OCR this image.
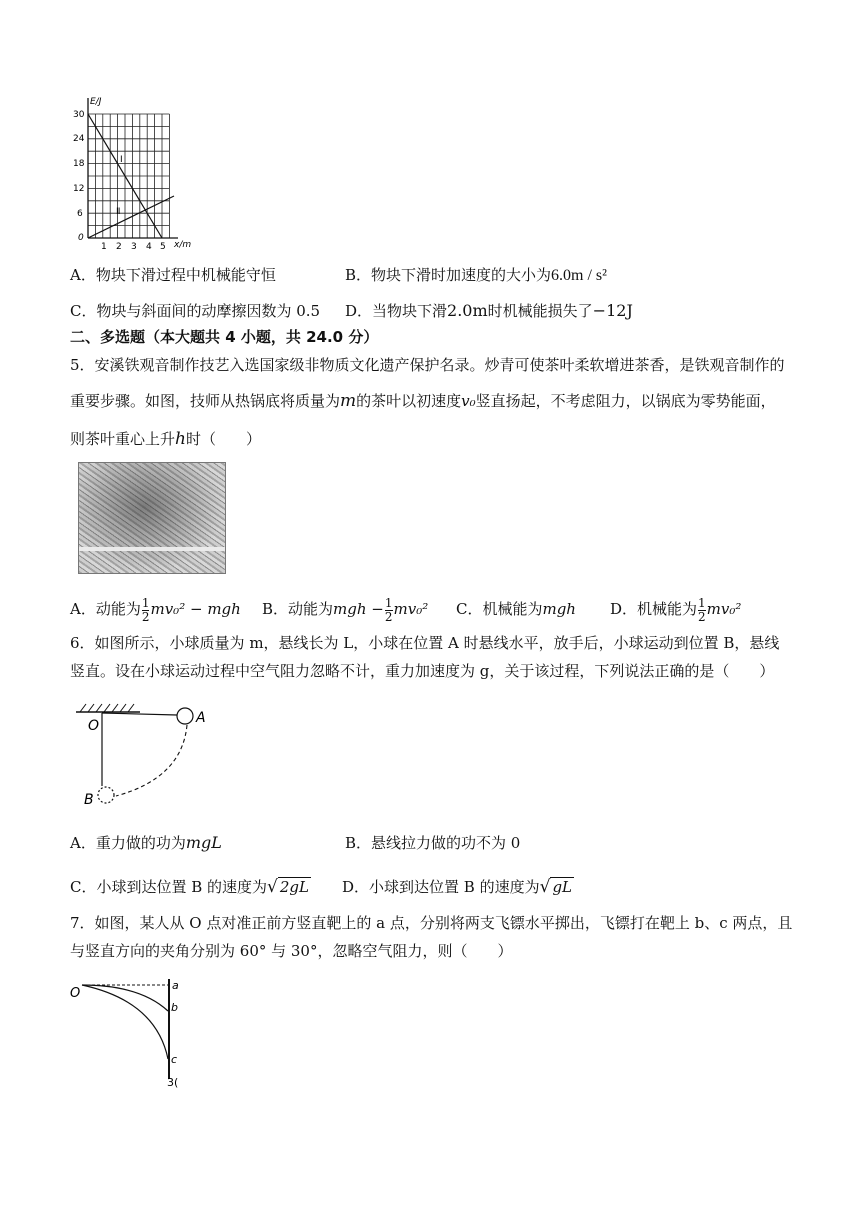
E/J
x/m
30
24
18
12
6
0
1 2 3 4 5
Ⅰ
Ⅱ
A．物块下滑过程中机械能守恒	B．物块下滑时加速度的大小为6.0m / s²
C．物块与斜面间的动摩擦因数为 0.5 D．当物块下滑2.0m时机械能损失了−12J
二、多选题（本大题共 4 小题，共 24.0 分）
5．安溪铁观音制作技艺入选国家级非物质文化遗产保护名录。炒青可使茶叶柔软增进茶香，是铁观音制作的
重要步骤。如图，技师从热锅底将质量为m的茶叶以初速度v₀竖直扬起，不考虑阻力，以锅底为零势能面，
则茶叶重心上升h时（　　）
A．动能为 $\frac{1}{2} mv_0^2$ − mgh B．动能为mgh − $\frac{1}{2} mv_0^2$ C．机械能为mgh D．机械能为 $\frac{1}{2} mv_0^2$
6．如图所示，小球质量为 m，悬线长为 L，小球在位置 A 时悬线水平，放手后，小球运动到位置 B，悬线
竖直。设在小球运动过程中空气阻力忽略不计，重力加速度为 g，关于该过程，下列说法正确的是（　　）
O	A
B
A．重力做的功为mgL	B．悬线拉力做的功不为 0
C．小球到达位置 B 的速度为√ 2gL D．小球到达位置 B 的速度为√ gL
7．如图，某人从 O 点对准正前方竖直靶上的 a 点，分别将两支飞镖水平掷出，飞镖打在靶上 b、c 两点，且
与竖直方向的夹角分别为 60° 与 30°，忽略空气阻力，则（　　）
O
a
b
c
3(
